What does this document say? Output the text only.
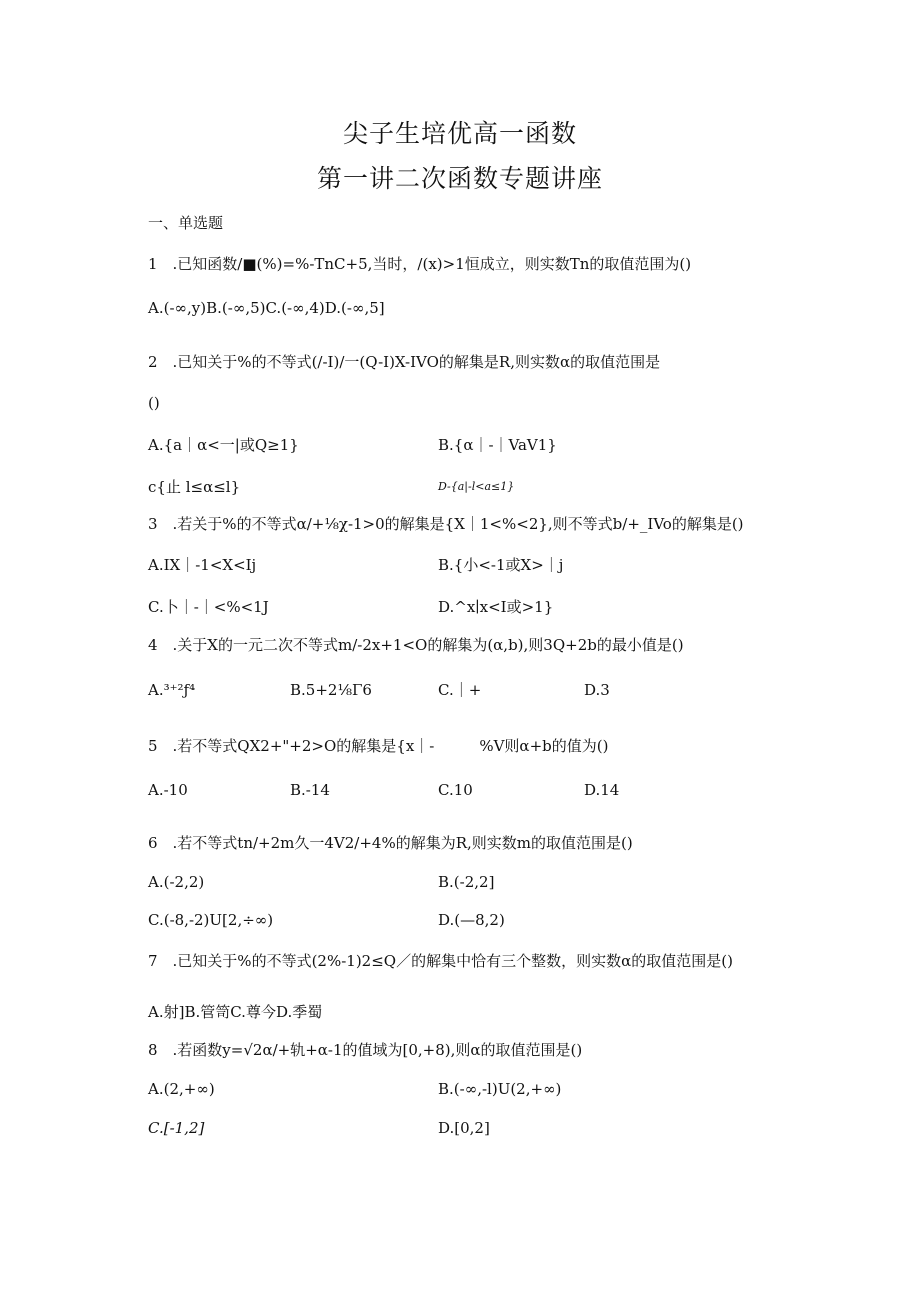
尖子生培优高一函数
第一讲二次函数专题讲座
一、单选题
1　.已知函数/■(%)=%-TnC+5,当时，/(x)>1恒成立，则实数Tn的取值范围为()
A.(-∞,y)B.(-∞,5)C.(-∞,4)D.(-∞,5]
2　.已知关于%的不等式(/-I)/一(Q-I)X-IVO的解集是R,则实数α的取值范围是
()
A.{a｜α<一|或Q≥1}	B.{α｜-｜VaV1}
c{止 l≤α≤l}	D-{a|-l<a≤1}
3　.若关于%的不等式α/+⅛χ-1>0的解集是{X｜1<%<2},则不等式b/+_IVo的解集是()
A.IX｜-1<X<Ij	B.{小<-1或X>｜j
C.卜｜-｜<%<1J	D.^x∣x<I或>1}
4　.关于X的一元二次不等式m/-2x+1<O的解集为(α,b),则3Q+2b的最小值是()
A.³⁺²ƒ⁴	B.5+2⅛Γ6	C.｜+	D.3
5　.若不等式QX2+"+2>O的解集是{x｜-　　　%V则α+b的值为()
A.-10	B.-14	C.10	D.14
6　.若不等式tn/+2m久一4V2/+4%的解集为R,则实数m的取值范围是()
A.(-2,2)	B.(-2,2]
C.(-8,-2)U[2,÷∞)	D.(—8,2)
7　.已知关于%的不等式(2%-1)2≤Q／的解集中恰有三个整数，则实数α的取值范围是()
A.射]B.管笥C.尊今D.季蜀
8　.若函数y=√2α/+轨+α-1的值域为[0,+8),则α的取值范围是()
A.(2,+∞)	B.(-∞,-l)U(2,+∞)
C.[-1,2]	D.[0,2]
